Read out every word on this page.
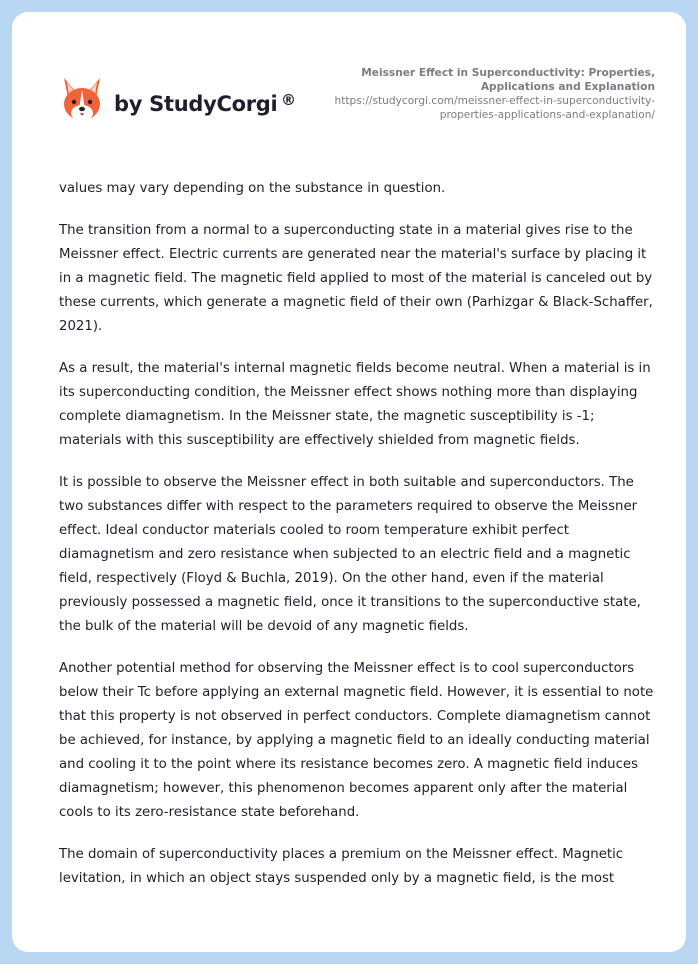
by StudyCorgi ®

Meissner Effect in Superconductivity: Properties, Applications and Explanation

https://studycorgi.com/meissner-effect-in-superconductivity-properties-applications-and-explanation/

values may vary depending on the substance in question.

The transition from a normal to a superconducting state in a material gives rise to the Meissner effect. Electric currents are generated near the material's surface by placing it in a magnetic field. The magnetic field applied to most of the material is canceled out by these currents, which generate a magnetic field of their own (Parhizgar & Black-Schaffer, 2021).

As a result, the material's internal magnetic fields become neutral. When a material is in its superconducting condition, the Meissner effect shows nothing more than displaying complete diamagnetism. In the Meissner state, the magnetic susceptibility is -1; materials with this susceptibility are effectively shielded from magnetic fields.

It is possible to observe the Meissner effect in both suitable and superconductors. The two substances differ with respect to the parameters required to observe the Meissner effect. Ideal conductor materials cooled to room temperature exhibit perfect diamagnetism and zero resistance when subjected to an electric field and a magnetic field, respectively (Floyd & Buchla, 2019). On the other hand, even if the material previously possessed a magnetic field, once it transitions to the superconductive state, the bulk of the material will be devoid of any magnetic fields.

Another potential method for observing the Meissner effect is to cool superconductors below their Tc before applying an external magnetic field. However, it is essential to note that this property is not observed in perfect conductors. Complete diamagnetism cannot be achieved, for instance, by applying a magnetic field to an ideally conducting material and cooling it to the point where its resistance becomes zero. A magnetic field induces diamagnetism; however, this phenomenon becomes apparent only after the material cools to its zero-resistance state beforehand.

The domain of superconductivity places a premium on the Meissner effect. Magnetic levitation, in which an object stays suspended only by a magnetic field, is the most
